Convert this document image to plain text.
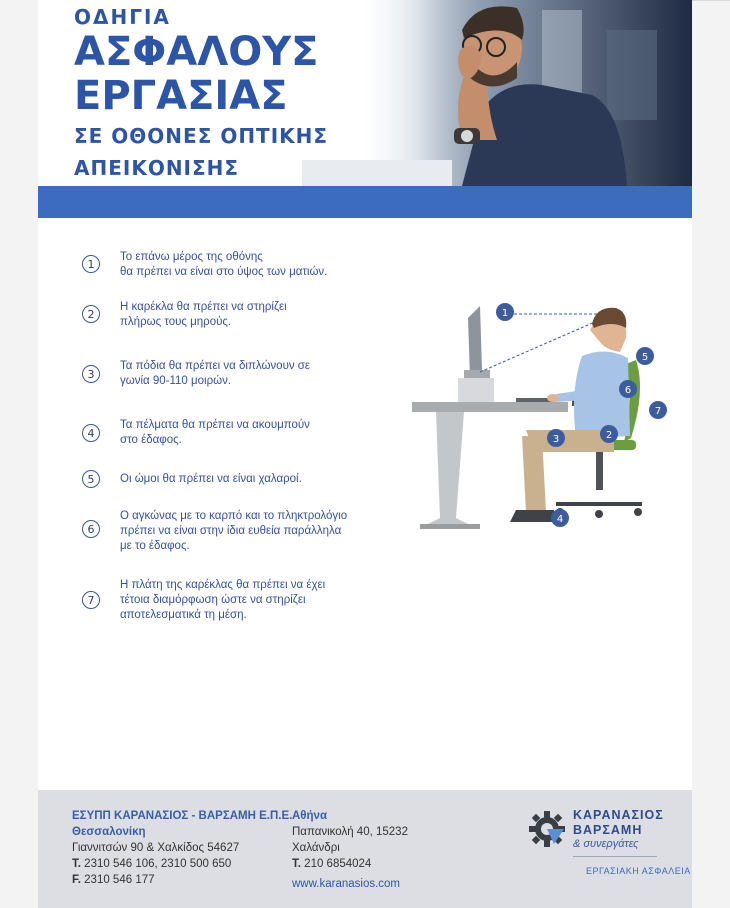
ΟΔΗΓΙΑ
ΑΣΦΑΛΟΥΣ
ΕΡΓΑΣΙΑΣ
ΣΕ ΟΘΟΝΕΣ ΟΠΤΙΚΗΣ
ΑΠΕΙΚΟΝΙΣΗΣ
1
Το επάνω μέρος της οθόνης
θα πρέπει να είναι στο ύψος των ματιών.
2
Η καρέκλα θα πρέπει να στηρίζει
πλήρως τους μηρούς.
3
Τα πόδια θα πρέπει να διπλώνουν σε
γωνία 90-110 μοιρών.
4
Τα πέλματα θα πρέπει να ακουμπούν
στο έδαφος.
5	Οι ώμοι θα πρέπει να είναι χαλαροί.
6
Ο αγκώνας με το καρπό και το πληκτρολόγιο
πρέπει να είναι στην ίδια ευθεία παράλληλα
με το έδαφος.
7
Η πλάτη της καρέκλας θα πρέπει να έχει
τέτοια διαμόρφωση ώστε να στηρίζει
αποτελεσματικά τη μέση.
1
2
3
4
5
6
7
ΕΣΥΠΠ ΚΑΡΑΝΑΣΙΟΣ - ΒΑΡΣΑΜΗ Ε.Π.Ε.
Θεσσαλονίκη
Γιαννιτσών 90 & Χαλκίδος 54627
Τ. 2310 546 106, 2310 500 650
F. 2310 546 177
Αθήνα
Παπανικολή 40, 15232
Χαλάνδρι
Τ. 210 6854024
www.karanasios.com
ΚΑΡΑΝΑΣΙΟΣ
ΒΑΡΣΑΜΗ
& συνεργάτες
ΕΡΓΑΣΙΑΚΗ ΑΣΦΑΛΕΙΑ
